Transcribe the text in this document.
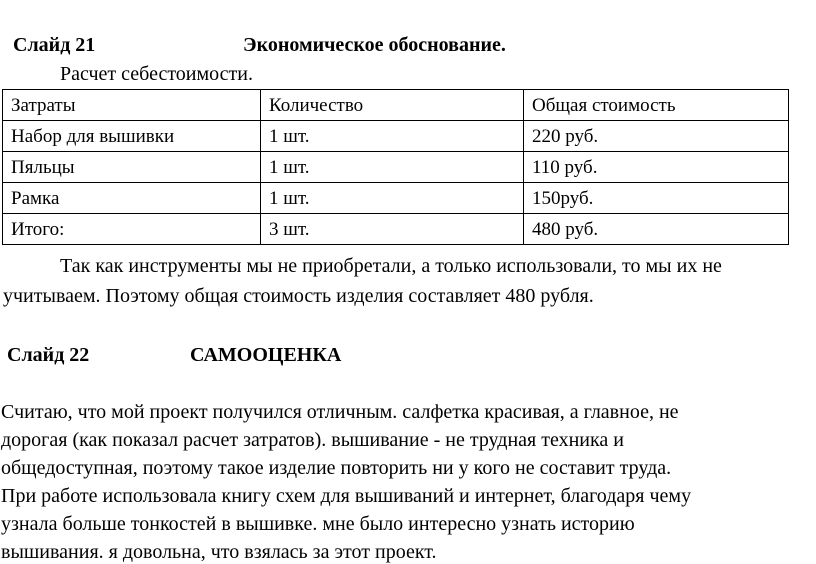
Слайд 21	Экономическое обоснование.
Расчет себестоимости.
Затраты	Количество	Общая стоимость
Набор для вышивки	1 шт.	220 руб.
Пяльцы	1 шт.	110 руб.
Рамка	1 шт.	150руб.
Итого:	3 шт.	480 руб.
Так как инструменты мы не приобретали, а только использовали, то мы их не
учитываем. Поэтому общая стоимость изделия составляет 480 рубля.
Слайд 22	САМООЦЕНКА
Считаю, что мой проект получился отличным. салфетка красивая, а главное, не
дорогая (как показал расчет затратов). вышивание - не трудная техника и
общедоступная, поэтому такое изделие повторить ни у кого не составит труда.
При работе использовала книгу схем для вышиваний и интернет, благодаря чему
узнала больше тонкостей в вышивке. мне было интересно узнать историю
вышивания. я довольна, что взялась за этот проект.
